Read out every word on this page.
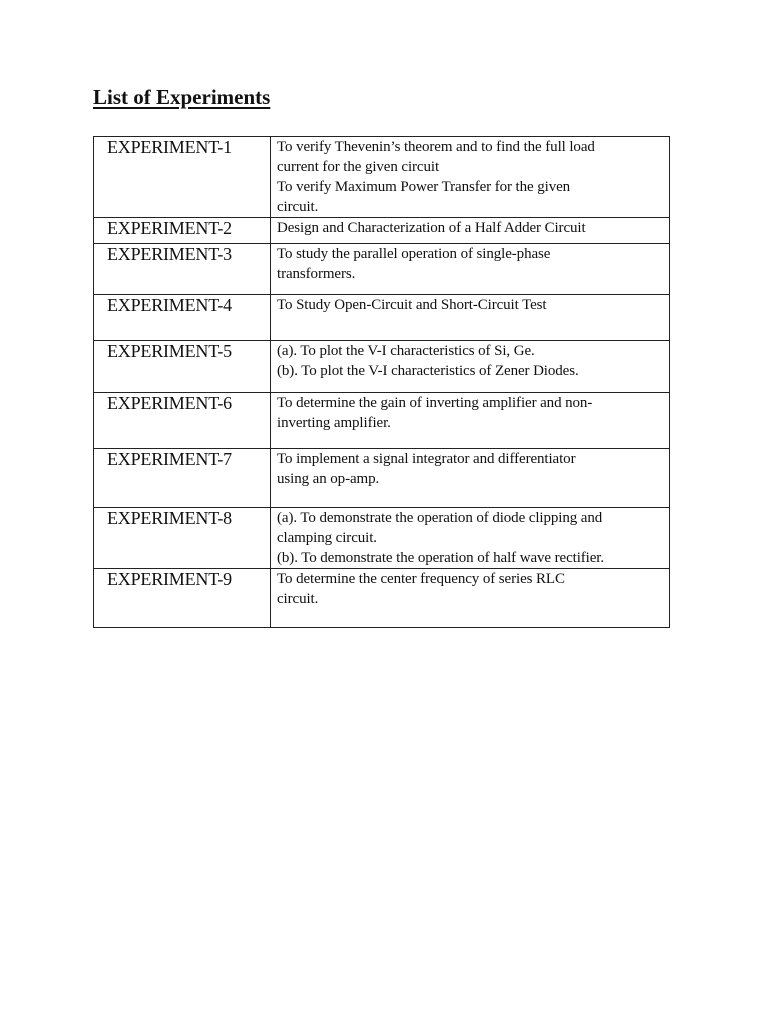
List of Experiments
EXPERIMENT-1	To verify Thevenin’s theorem and to find the full load
current for the given circuit
To verify Maximum Power Transfer for the given
circuit.

EXPERIMENT-2	Design and Characterization of a Half Adder Circuit

EXPERIMENT-3	To study the parallel operation of single-phase
transformers.

EXPERIMENT-4	To Study Open-Circuit and Short-Circuit Test

EXPERIMENT-5	(a). To plot the V-I characteristics of Si, Ge.
(b). To plot the V-I characteristics of Zener Diodes.

EXPERIMENT-6	To determine the gain of inverting amplifier and non-
inverting amplifier.

EXPERIMENT-7	To implement a signal integrator and differentiator
using an op-amp.

EXPERIMENT-8	(a). To demonstrate the operation of diode clipping and
clamping circuit.
(b). To demonstrate the operation of half wave rectifier.

EXPERIMENT-9	To determine the center frequency of series RLC
circuit.
